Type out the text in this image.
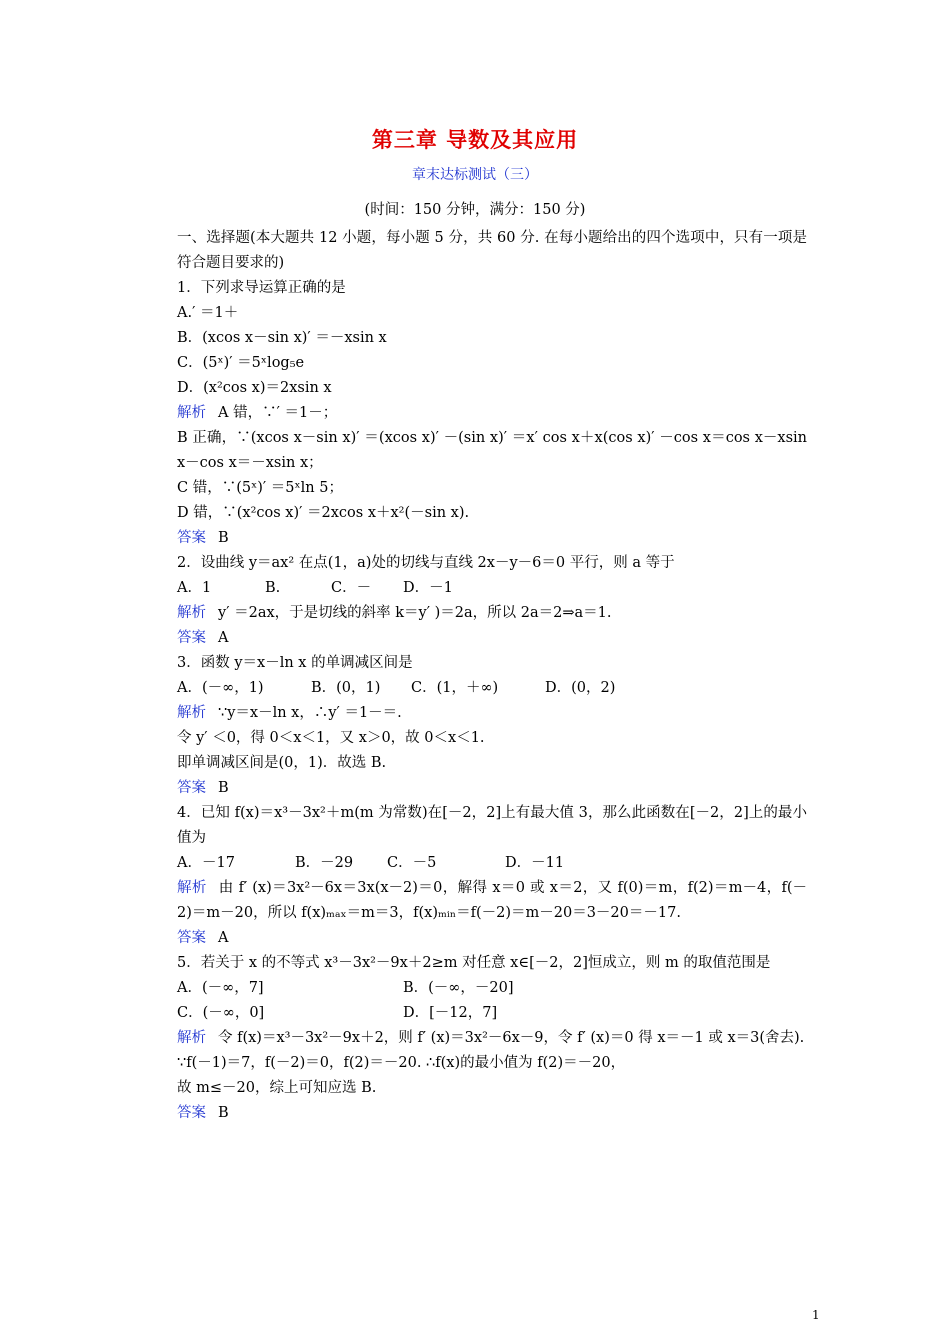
第三章 导数及其应用
章末达标测试（三）
(时间：150 分钟，满分：150 分)

一、选择题(本大题共 12 小题，每小题 5 分，共 60 分. 在每小题给出的四个选项中，只有一项是符合题目要求的)

1．下列求导运算正确的是

A.′ ＝1＋

B．(xcos x－sin x)′ ＝－xsin x

C．(5ˣ)′ ＝5ˣlog₅e

D．(x²cos x)＝2xsin x

解析 A 错，∵′ ＝1－；

B 正确，∵(xcos x－sin x)′ ＝(xcos x)′ －(sin x)′ ＝x′ cos x＋x(cos x)′ －cos x＝cos x－xsin x－cos x＝－xsin x；

C 错，∵(5ˣ)′ ＝5ˣln 5；

D 错，∵(x²cos x)′ ＝2xcos x＋x²(－sin x).

答案 B

2．设曲线 y＝ax² 在点(1，a)处的切线与直线 2x－y－6＝0 平行，则 a 等于

A．1	B.	C．－ D．－1

解析 y′ ＝2ax，于是切线的斜率 k＝y′ )＝2a，所以 2a＝2⇒a＝1.

答案 A

3．函数 y＝x－ln x 的单调减区间是

A．(－∞，1)	B．(0，1) C．(1，＋∞)	D．(0，2)

解析 ∵y＝x－ln x，∴y′ ＝1－＝.

令 y′ ＜0，得 0＜x＜1，又 x＞0，故 0＜x＜1.

即单调减区间是(0，1)．故选 B.

答案 B

4．已知 f(x)＝x³－3x²＋m(m 为常数)在[－2，2]上有最大值 3，那么此函数在[－2，2]上的最小值为

A．－17	B．－29 C．－5	D．－11

解析 由 f′ (x)＝3x²－6x＝3x(x－2)＝0，解得 x＝0 或 x＝2，又 f(0)＝m，f(2)＝m－4，f(－2)＝m－20，所以 f(x)ₘₐₓ＝m＝3，f(x)ₘᵢₙ＝f(－2)＝m－20＝3－20＝－17.

答案 A

5．若关于 x 的不等式 x³－3x²－9x＋2≥m 对任意 x∈[－2，2]恒成立，则 m 的取值范围是

A．(－∞，7]	B．(－∞，－20]

C．(－∞，0]	D．[－12，7]

解析 令 f(x)＝x³－3x²－9x＋2，则 f′ (x)＝3x²－6x－9，令 f′ (x)＝0 得 x＝－1 或 x＝3(舍去).

∵f(－1)＝7，f(－2)＝0，f(2)＝－20. ∴f(x)的最小值为 f(2)＝－20，

故 m≤－20，综上可知应选 B.

答案 B

1
